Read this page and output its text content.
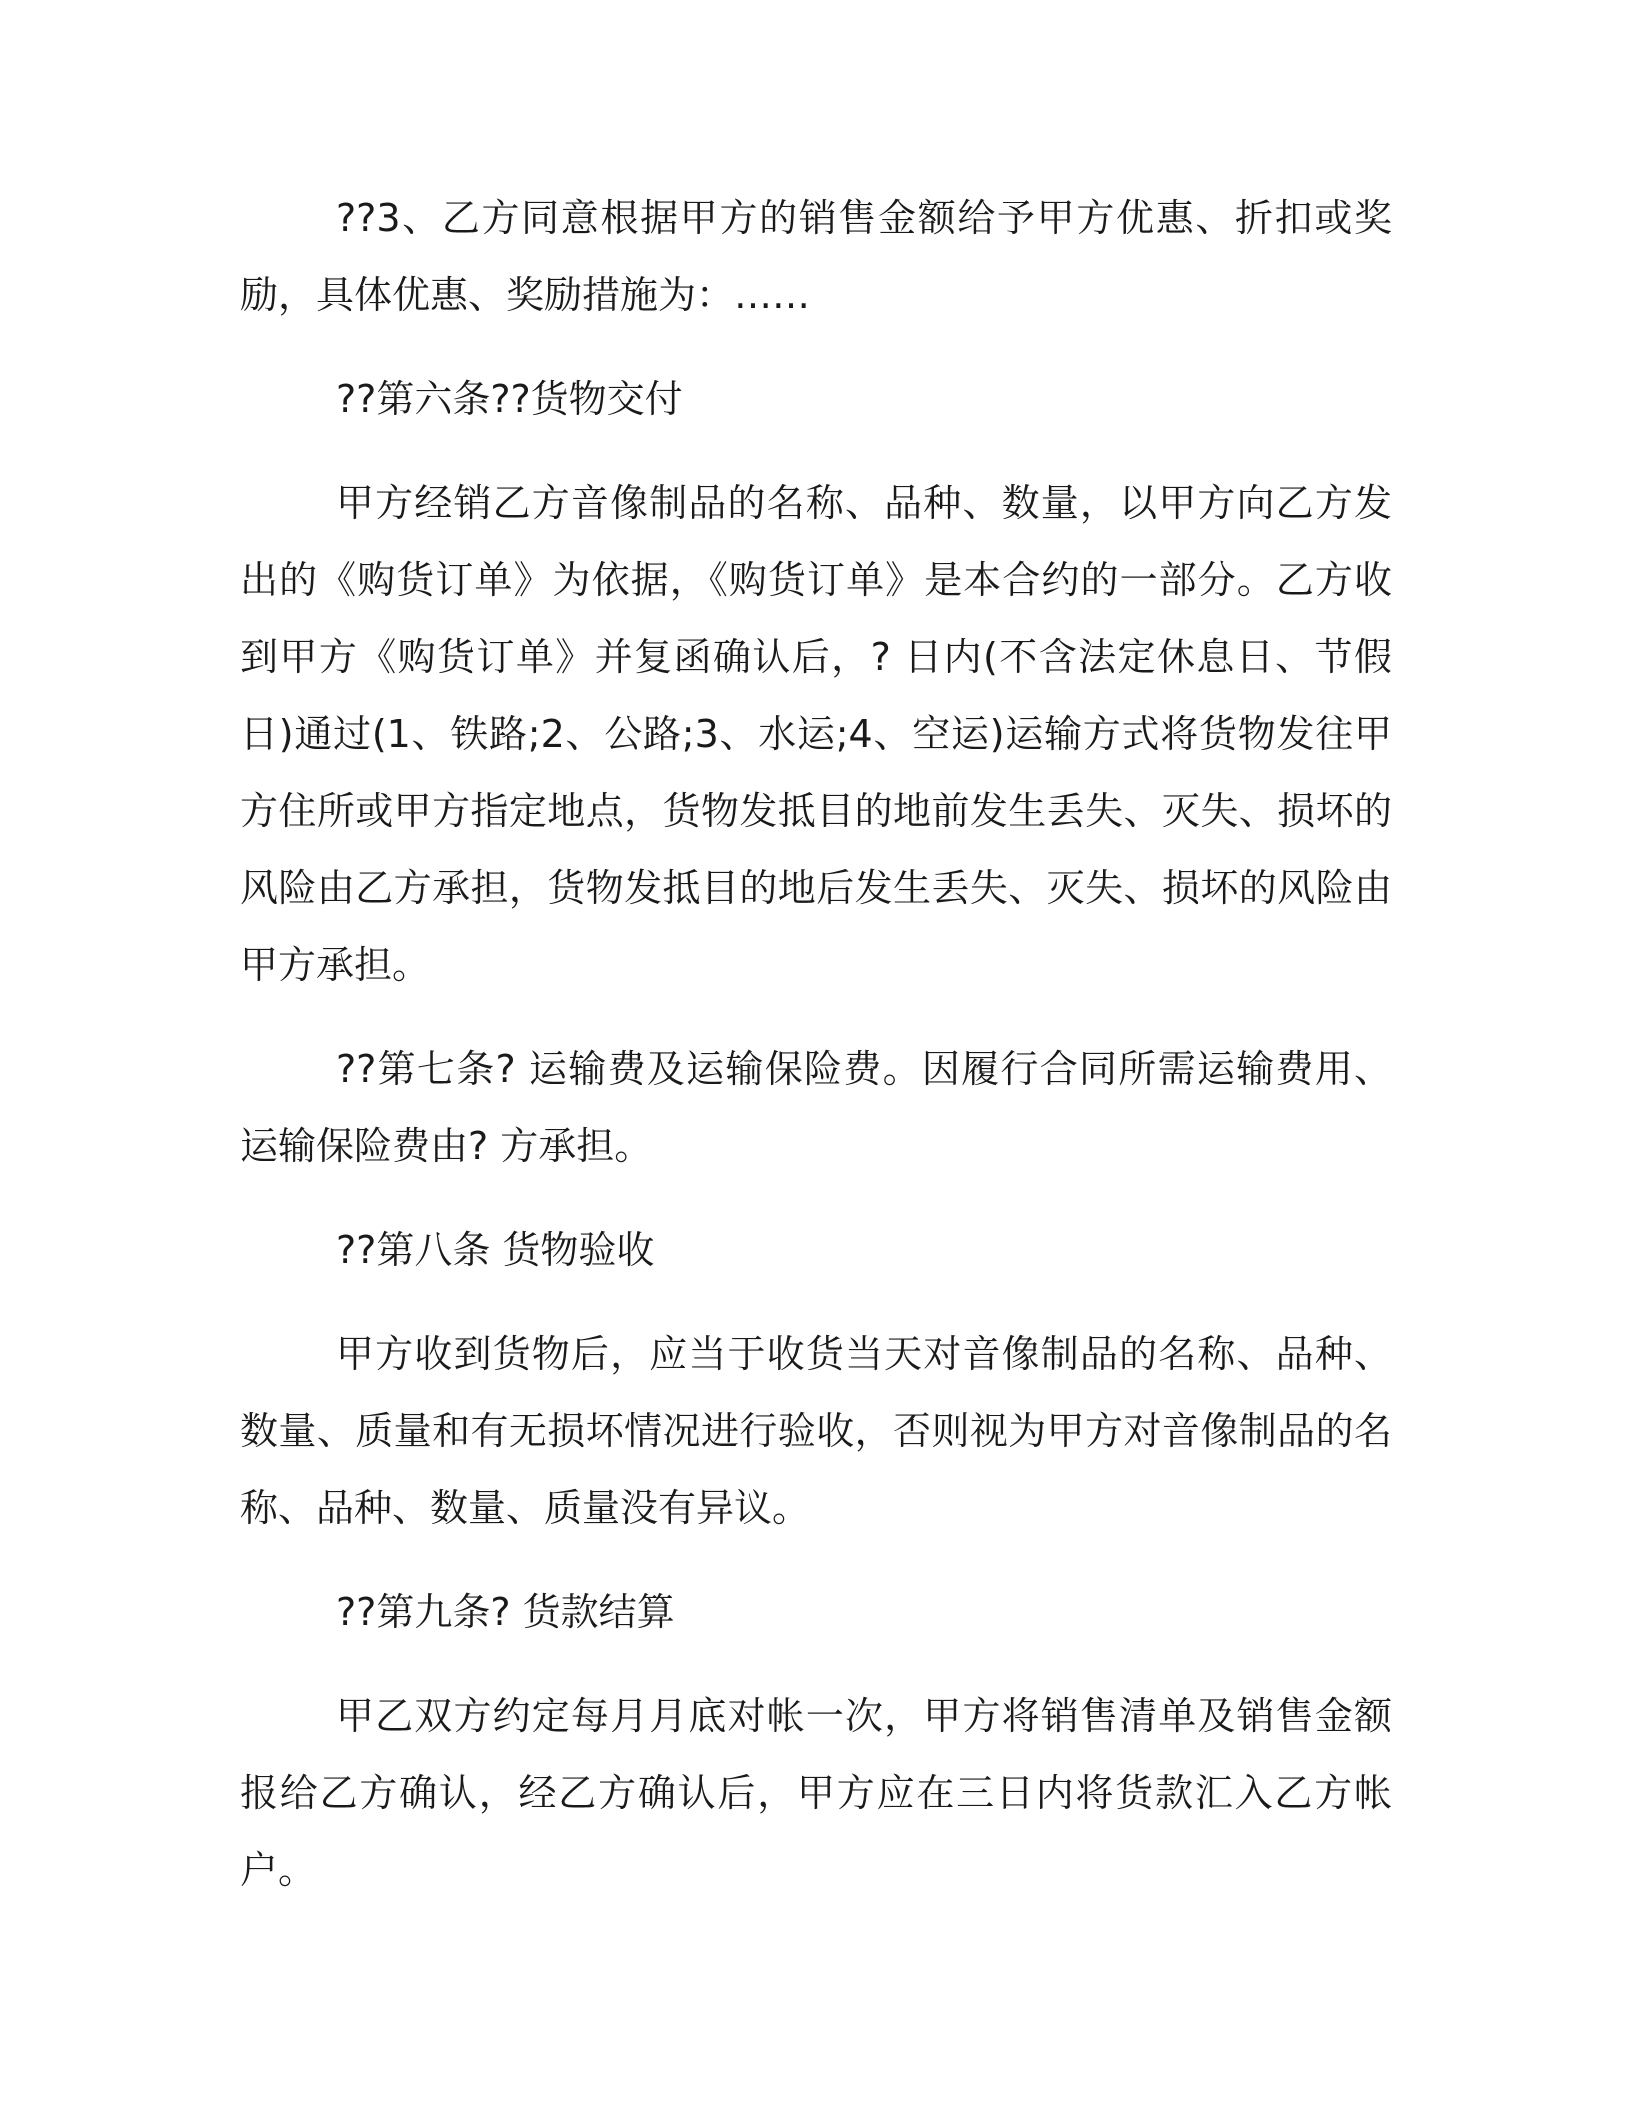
??3、乙方同意根据甲方的销售金额给予甲方优惠、折扣或奖励，具体优惠、奖励措施为：……

??第六条??货物交付

甲方经销乙方音像制品的名称、品种、数量，以甲方向乙方发出的《购货订单》为依据，《购货订单》是本合约的一部分。乙方收到甲方《购货订单》并复函确认后，? 日内(不含法定休息日、节假日)通过(1、铁路;2、公路;3、水运;4、空运)运输方式将货物发往甲方住所或甲方指定地点，货物发抵目的地前发生丢失、灭失、损坏的风险由乙方承担，货物发抵目的地后发生丢失、灭失、损坏的风险由甲方承担。

??第七条? 运输费及运输保险费。因履行合同所需运输费用、运输保险费由? 方承担。

??第八条 货物验收

甲方收到货物后，应当于收货当天对音像制品的名称、品种、数量、质量和有无损坏情况进行验收，否则视为甲方对音像制品的名称、品种、数量、质量没有异议。

??第九条? 货款结算

甲乙双方约定每月月底对帐一次，甲方将销售清单及销售金额报给乙方确认，经乙方确认后，甲方应在三日内将货款汇入乙方帐户。
